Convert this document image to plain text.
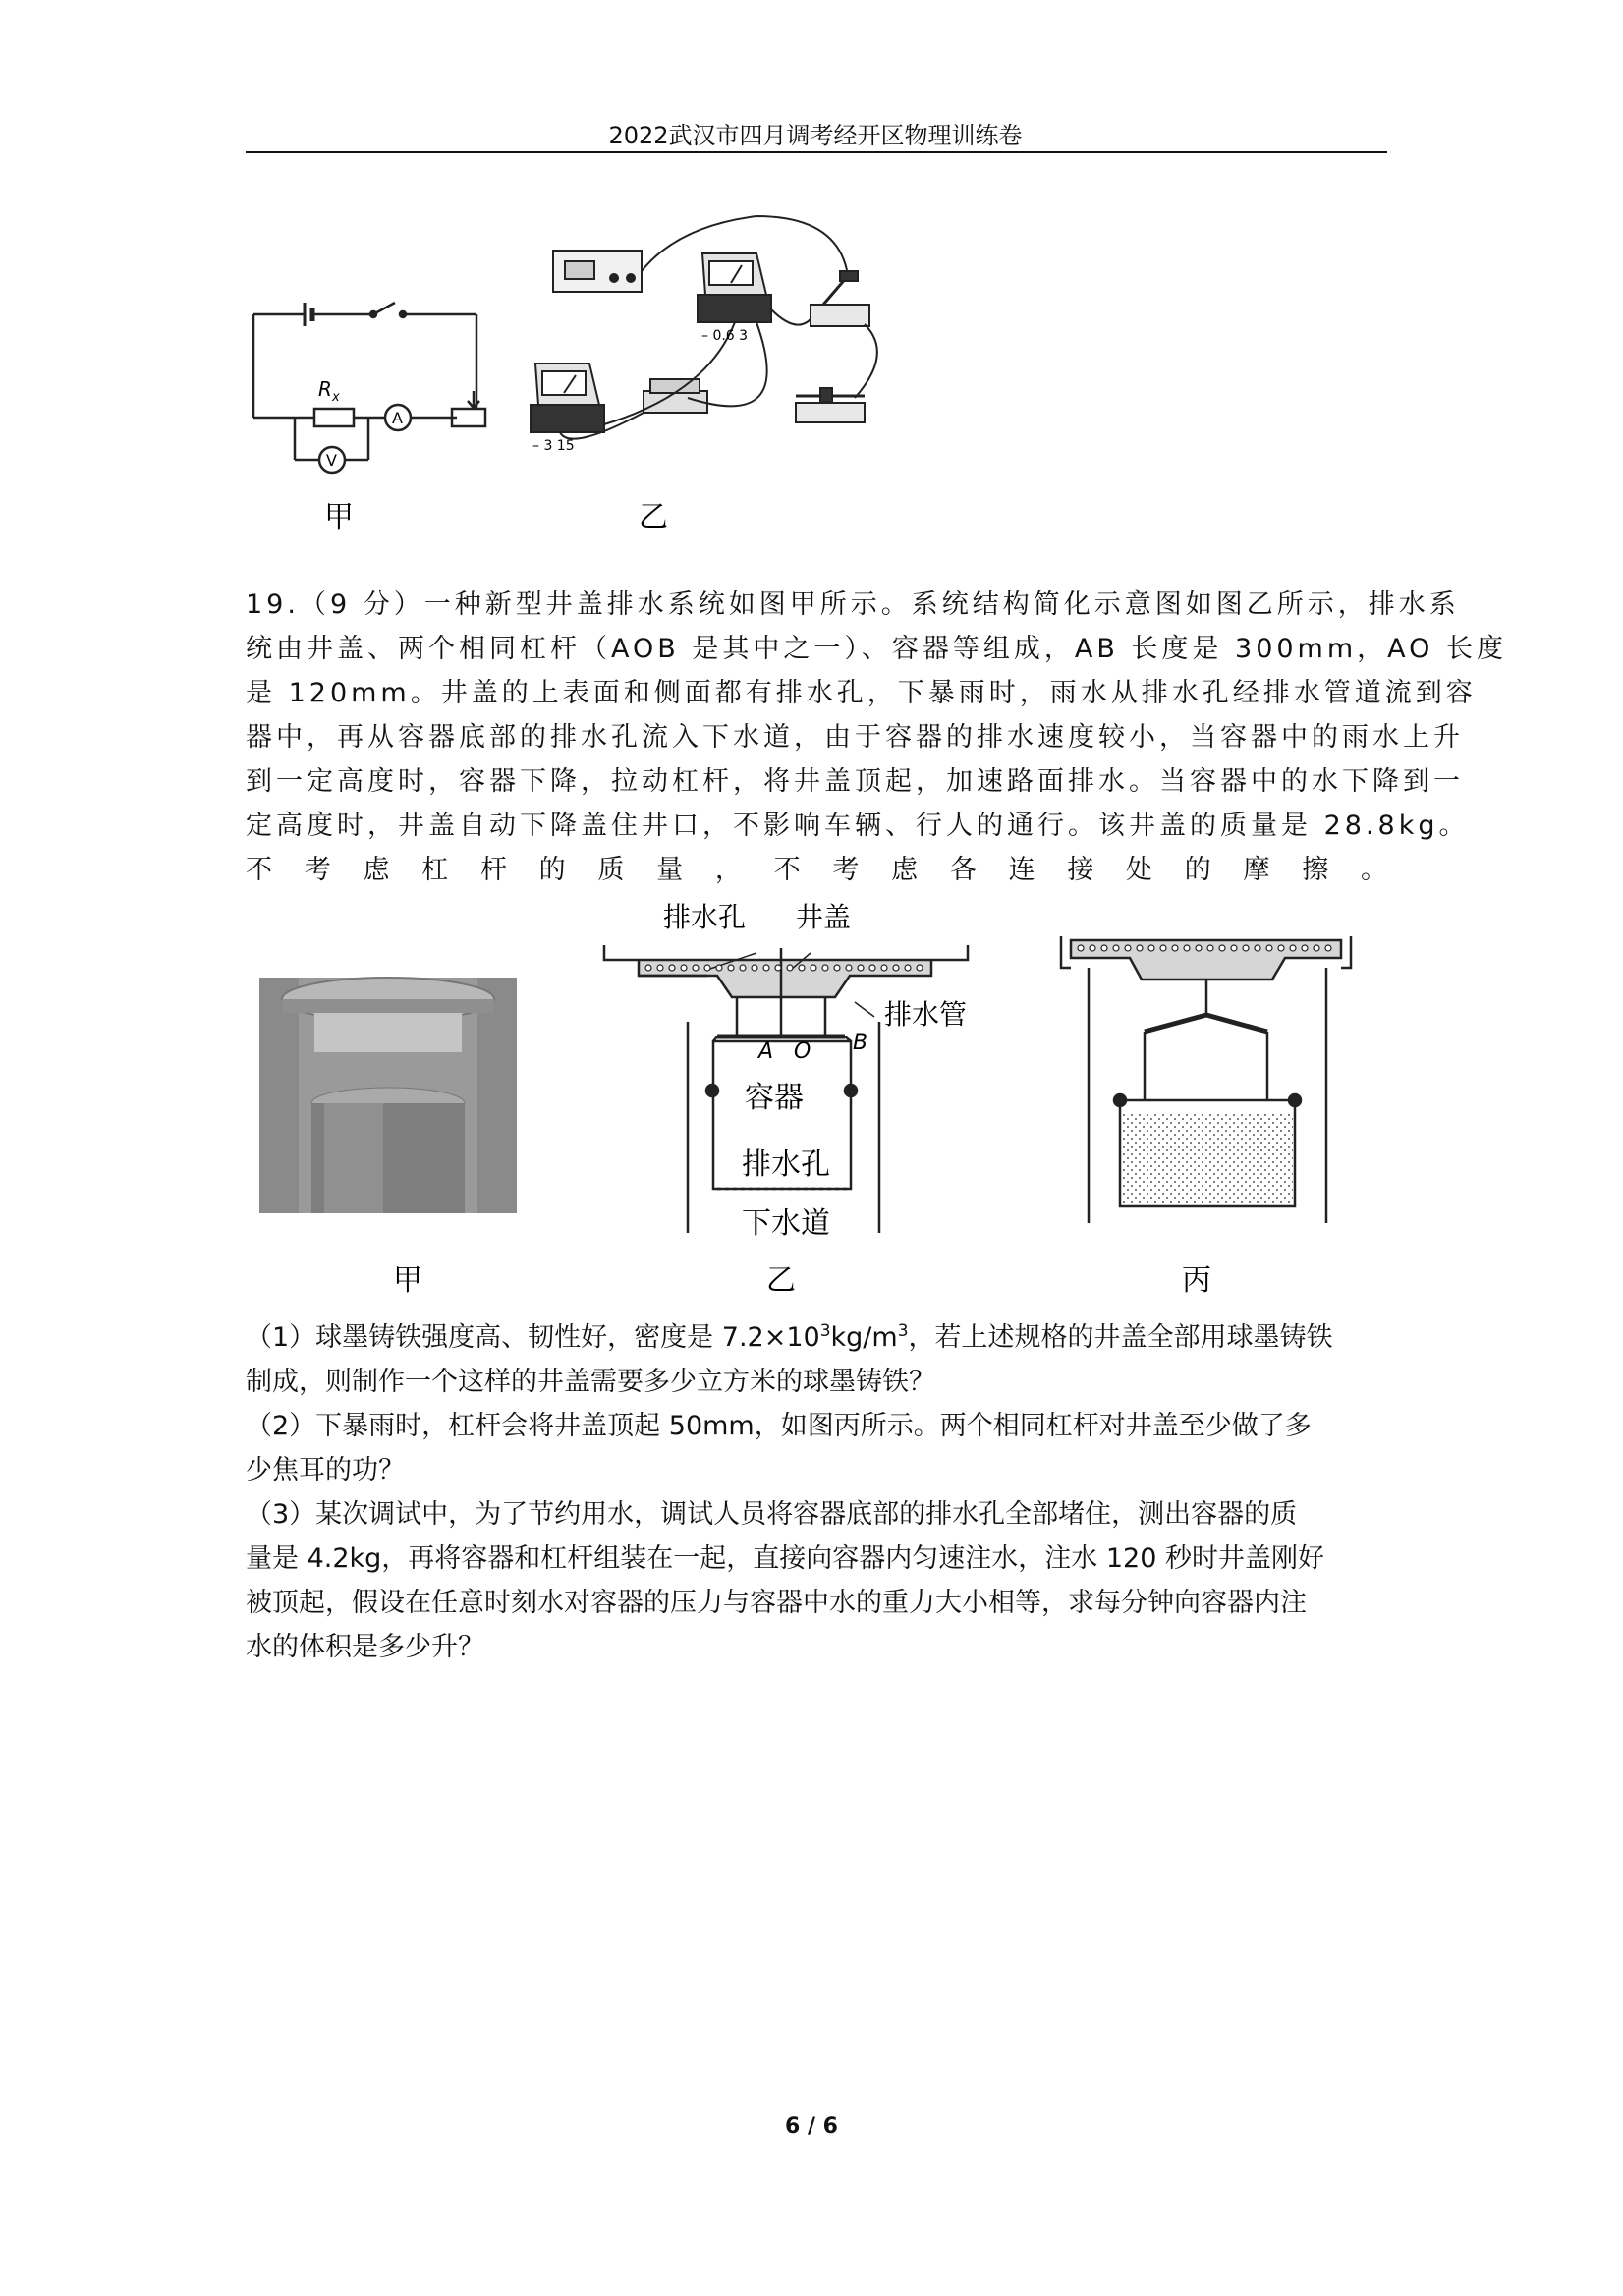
2022武汉市四月调考经开区物理训练卷
R x
A
V
– 0.6 3
– 3 15
甲	乙
19.（9 分）一种新型井盖排水系统如图甲所示。系统结构简化示意图如图乙所示，排水系
统由井盖、两个相同杠杆（AOB 是其中之一）、容器等组成，AB 长度是 300mm，AO 长度
是 120mm。井盖的上表面和侧面都有排水孔，下暴雨时，雨水从排水孔经排水管道流到容
器中，再从容器底部的排水孔流入下水道，由于容器的排水速度较小，当容器中的雨水上升
到一定高度时，容器下降，拉动杠杆，将井盖顶起，加速路面排水。当容器中的水下降到一
定高度时，井盖自动下降盖住井口，不影响车辆、行人的通行。该井盖的质量是 28.8kg。
不考虑杠杆的质量，不考虑各连接处的摩擦。
排水孔 井盖
排水管
A O B
容器
排水孔
下水道
甲	乙	丙

（1）球墨铸铁强度高、韧性好，密度是 $7.2\times 10^3kg/m^3$，若上述规格的井盖全部用球墨铸铁

制成，则制作一个这样的井盖需要多少立方米的球墨铸铁？

（2）下暴雨时，杠杆会将井盖顶起 50mm，如图丙所示。两个相同杠杆对井盖至少做了多

少焦耳的功？

（3）某次调试中，为了节约用水，调试人员将容器底部的排水孔全部堵住，测出容器的质

量是 4.2kg，再将容器和杠杆组装在一起，直接向容器内匀速注水，注水 120 秒时井盖刚好

被顶起，假设在任意时刻水对容器的压力与容器中水的重力大小相等，求每分钟向容器内注

水的体积是多少升？

6 / 6
